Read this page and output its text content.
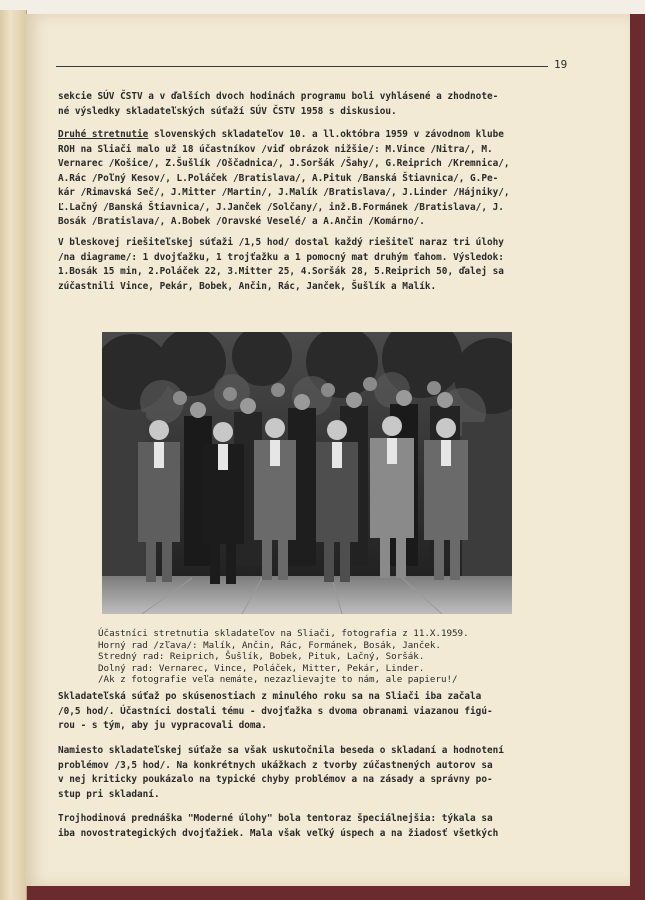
19
sekcie SÚV ČSTV a v ďalších dvoch hodinách programu boli vyhlásené a zhodnote-
né výsledky skladateľských súťaží SÚV ČSTV 1958 s diskusiou.
Druhé stretnutie slovenských skladateľov 10. a ll.októbra 1959 v závodnom klube
ROH na Sliači malo už 18 účastníkov /viď obrázok nižšie/: M.Vince /Nitra/, M.
Vernarec /Košice/, Z.Šušlík /Oščadnica/, J.Soršák /Šahy/, G.Reiprich /Kremnica/,
A.Rác /Poľný Kesov/, L.Poláček /Bratislava/, A.Pituk /Banská Štiavnica/, G.Pe-
kár /Rimavská Seč/, J.Mitter /Martin/, J.Malík /Bratislava/, J.Linder /Hájniky/,
Ľ.Lačný /Banská Štiavnica/, J.Janček /Solčany/, inž.B.Formánek /Bratislava/, J.
Bosák /Bratislava/, A.Bobek /Oravské Veselé/ a A.Ančin /Komárno/.
V bleskovej riešiteľskej súťaži /1,5 hod/ dostal každý riešiteľ naraz tri úlohy
/na diagrame/: 1 dvojťažku, 1 trojťažku a 1 pomocný mat druhým ťahom. Výsledok:
1.Bosák 15 min, 2.Poláček 22, 3.Mitter 25, 4.Soršák 28, 5.Reiprich 50, ďalej sa
zúčastnili Vince, Pekár, Bobek, Ančin, Rác, Janček, Šušlík a Malík.
Účastníci stretnutia skladateľov na Sliači, fotografia z 11.X.1959.
Horný rad /zľava/: Malík, Ančin, Rác, Formánek, Bosák, Janček.
Stredný rad: Reiprich, Šušlík, Bobek, Pituk, Lačný, Soršák.
Dolný rad: Vernarec, Vince, Poláček, Mitter, Pekár, Linder.
/Ak z fotografie veľa nemáte, nezazlievajte to nám, ale papieru!/
Skladateľská súťaž po skúsenostiach z minulého roku sa na Sliači iba začala
/0,5 hod/. Účastníci dostali tému - dvojťažka s dvoma obranami viazanou figú-
rou - s tým, aby ju vypracovali doma.
Namiesto skladateľskej súťaže sa však uskutočnila beseda o skladaní a hodnotení
problémov /3,5 hod/. Na konkrétnych ukážkach z tvorby zúčastnených autorov sa
v nej kriticky poukázalo na typické chyby problémov a na zásady a správny po-
stup pri skladaní.
Trojhodinová prednáška "Moderné úlohy" bola tentoraz špeciálnejšia: týkala sa
iba novostrategických dvojťažiek. Mala však veľký úspech a na žiadosť všetkých
